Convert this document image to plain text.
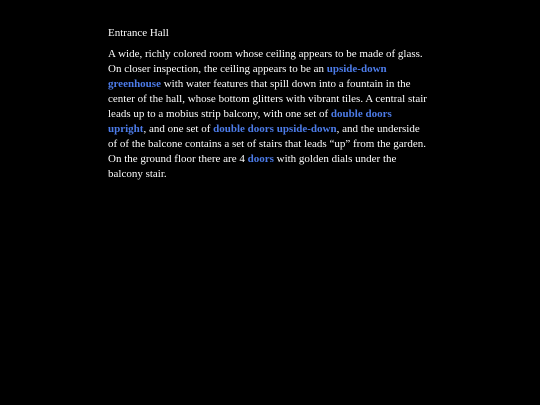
Entrance Hall

A wide, richly colored room whose ceiling appears to be made of glass. On closer inspection, the ceiling appears to be an upside-down greenhouse with water features that spill down into a fountain in the center of the hall, whose bottom glitters with vibrant tiles. A central stair leads up to a mobius strip balcony, with one set of double doors upright, and one set of double doors upside-down, and the underside of of the balcone contains a set of stairs that leads “up” from the garden. On the ground floor there are 4 doors with golden dials under the balcony stair.
